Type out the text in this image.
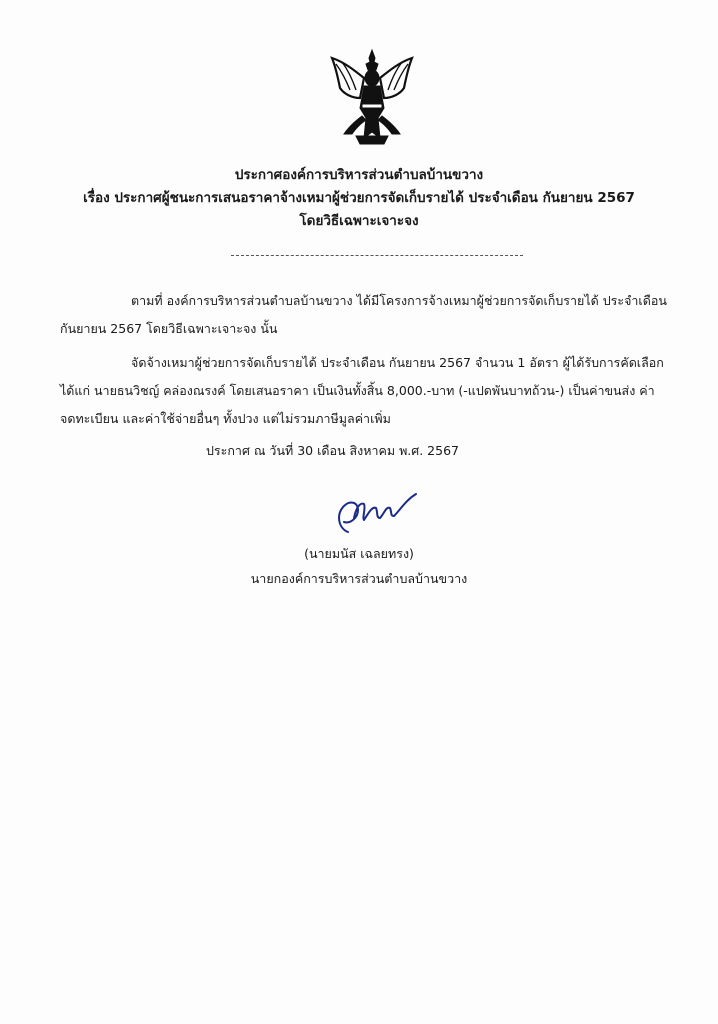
ประกาศองค์การบริหารส่วนตำบลบ้านขวาง
เรื่อง ประกาศผู้ชนะการเสนอราคาจ้างเหมาผู้ช่วยการจัดเก็บรายได้ ประจำเดือน กันยายน 2567
โดยวิธีเฉพาะเจาะจง
ตามที่ องค์การบริหารส่วนตำบลบ้านขวาง ได้มีโครงการจ้างเหมาผู้ช่วยการจัดเก็บรายได้ ประจำเดือน
กันยายน 2567 โดยวิธีเฉพาะเจาะจง นั้น
จัดจ้างเหมาผู้ช่วยการจัดเก็บรายได้ ประจำเดือน กันยายน 2567 จำนวน 1 อัตรา ผู้ได้รับการคัดเลือก
ได้แก่ นายธนวิชญ์ คล่องณรงค์ โดยเสนอราคา เป็นเงินทั้งสิ้น 8,000.-บาท (-แปดพันบาทถ้วน-) เป็นค่าขนส่ง ค่า
จดทะเบียน และค่าใช้จ่ายอื่นๆ ทั้งปวง แต่ไม่รวมภาษีมูลค่าเพิ่ม
ประกาศ ณ วันที่ 30 เดือน สิงหาคม พ.ศ. 2567
(นายมนัส เฉลยทรง)
นายกองค์การบริหารส่วนตำบลบ้านขวาง
